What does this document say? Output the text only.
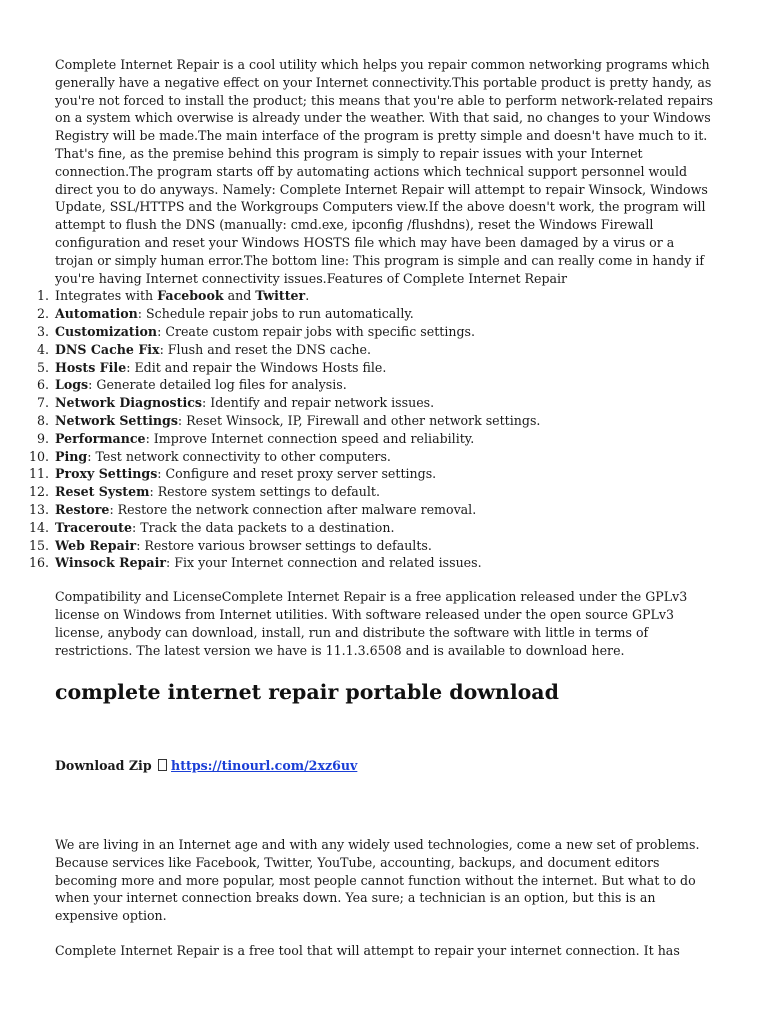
Complete Internet Repair is a cool utility which helps you repair common networking programs which generally have a negative effect on your Internet connectivity.This portable product is pretty handy, as you're not forced to install the product; this means that you're able to perform network-related repairs on a system which overwise is already under the weather. With that said, no changes to your Windows Registry will be made.The main interface of the program is pretty simple and doesn't have much to it. That's fine, as the premise behind this program is simply to repair issues with your Internet connection.The program starts off by automating actions which technical support personnel would direct you to do anyways. Namely: Complete Internet Repair will attempt to repair Winsock, Windows Update, SSL/HTTPS and the Workgroups Computers view.If the above doesn't work, the program will attempt to flush the DNS (manually: cmd.exe, ipconfig /flushdns), reset the Windows Firewall configuration and reset your Windows HOSTS file which may have been damaged by a virus or a trojan or simply human error.The bottom line: This program is simple and can really come in handy if you're having Internet connectivity issues.Features of Complete Internet Repair

1. Integrates with Facebook and Twitter.
2. Automation: Schedule repair jobs to run automatically.
3. Customization: Create custom repair jobs with specific settings.
4. DNS Cache Fix: Flush and reset the DNS cache.
5. Hosts File: Edit and repair the Windows Hosts file.
6. Logs: Generate detailed log files for analysis.
7. Network Diagnostics: Identify and repair network issues.
8. Network Settings: Reset Winsock, IP, Firewall and other network settings.
9. Performance: Improve Internet connection speed and reliability.
10. Ping: Test network connectivity to other computers.
11. Proxy Settings: Configure and reset proxy server settings.
12. Reset System: Restore system settings to default.
13. Restore: Restore the network connection after malware removal.
14. Traceroute: Track the data packets to a destination.
15. Web Repair: Restore various browser settings to defaults.
16. Winsock Repair: Fix your Internet connection and related issues.

Compatibility and LicenseComplete Internet Repair is a free application released under the GPLv3 license on Windows from Internet utilities. With software released under the open source GPLv3 license, anybody can download, install, run and distribute the software with little in terms of restrictions. The latest version we have is 11.1.3.6508 and is available to download here.

complete internet repair portable download

Download Zip https://tinourl.com/2xz6uv

We are living in an Internet age and with any widely used technologies, come a new set of problems. Because services like Facebook, Twitter, YouTube, accounting, backups, and document editors becoming more and more popular, most people cannot function without the internet. But what to do when your internet connection breaks down. Yea sure; a technician is an option, but this is an expensive option.

Complete Internet Repair is a free tool that will attempt to repair your internet connection. It has
